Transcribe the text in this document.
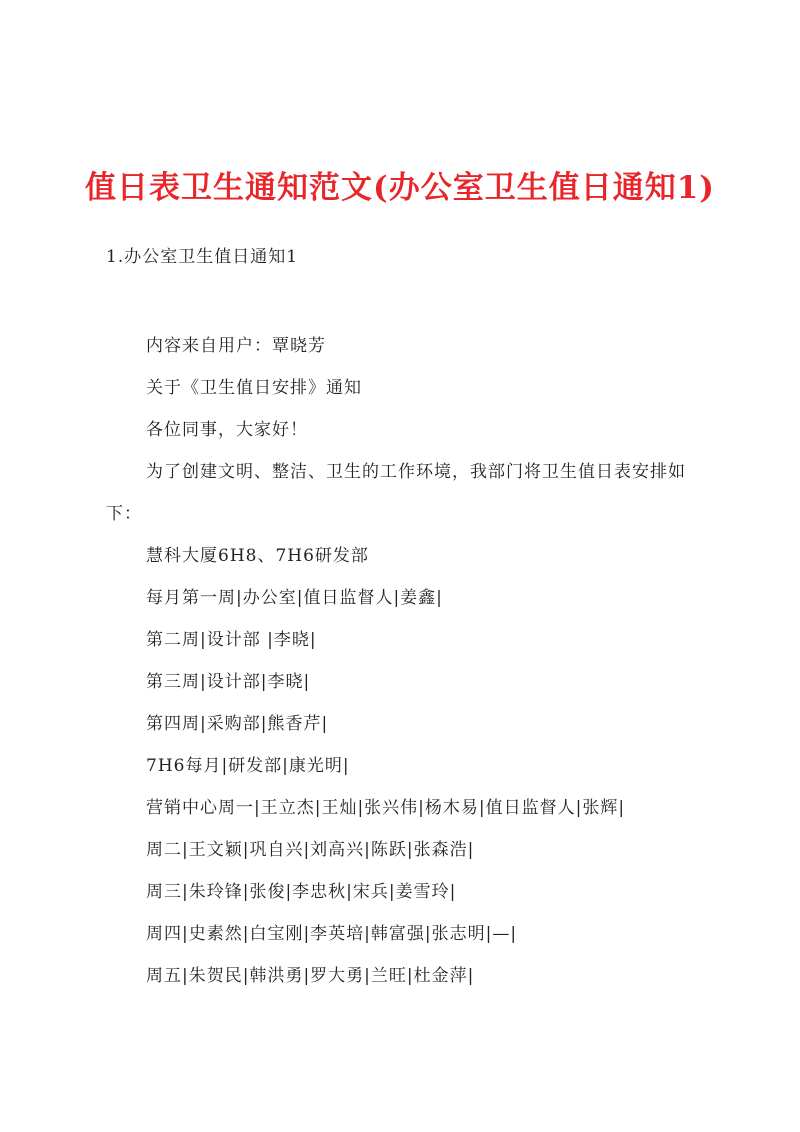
值日表卫生通知范文(办公室卫生值日通知1)

1.办公室卫生值日通知1

内容来自用户：覃晓芳

关于《卫生值日安排》通知

各位同事，大家好！

为了创建文明、整洁、卫生的工作环境，我部门将卫生值日表安排如下：

慧科大厦6H8、7H6研发部

每月第一周|办公室|值日监督人|姜鑫|

第二周|设计部 |李晓|

第三周|设计部|李晓|

第四周|采购部|熊香芹|

7H6每月|研发部|康光明|

营销中心周一|王立杰|王灿|张兴伟|杨木易|值日监督人|张辉|

周二|王文颖|巩自兴|刘高兴|陈跃|张森浩|

周三|朱玲锋|张俊|李忠秋|宋兵|姜雪玲|

周四|史素然|白宝刚|李英培|韩富强|张志明|—|

周五|朱贺民|韩洪勇|罗大勇|兰旺|杜金萍|
